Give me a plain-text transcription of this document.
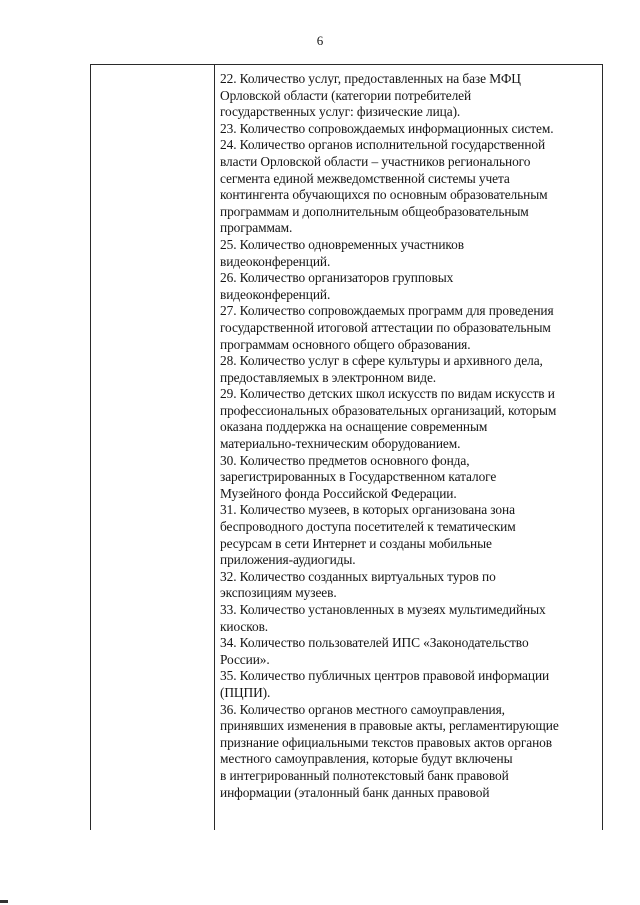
6
22. Количество услуг, предоставленных на базе МФЦ
Орловской области (категории потребителей
государственных услуг: физические лица).
23. Количество сопровождаемых информационных систем.
24. Количество органов исполнительной государственной
власти Орловской области – участников регионального
сегмента единой межведомственной системы учета
контингента обучающихся по основным образовательным
программам и дополнительным общеобразовательным
программам.
25. Количество одновременных участников
видеоконференций.
26. Количество организаторов групповых
видеоконференций.
27. Количество сопровождаемых программ для проведения
государственной итоговой аттестации по образовательным
программам основного общего образования.
28. Количество услуг в сфере культуры и архивного дела,
предоставляемых в электронном виде.
29. Количество детских школ искусств по видам искусств и
профессиональных образовательных организаций, которым
оказана поддержка на оснащение современным
материально-техническим оборудованием.
30. Количество предметов основного фонда,
зарегистрированных в Государственном каталоге
Музейного фонда Российской Федерации.
31. Количество музеев, в которых организована зона
беспроводного доступа посетителей к тематическим
ресурсам в сети Интернет и созданы мобильные
приложения-аудиогиды.
32. Количество созданных виртуальных туров по
экспозициям музеев.
33. Количество установленных в музеях мультимедийных
киосков.
34. Количество пользователей ИПС «Законодательство
России».
35. Количество публичных центров правовой информации
(ПЦПИ).
36. Количество органов местного самоуправления,
принявших изменения в правовые акты, регламентирующие
признание официальными текстов правовых актов органов
местного самоуправления, которые будут включены
в интегрированный полнотекстовый банк правовой
информации (эталонный банк данных правовой
